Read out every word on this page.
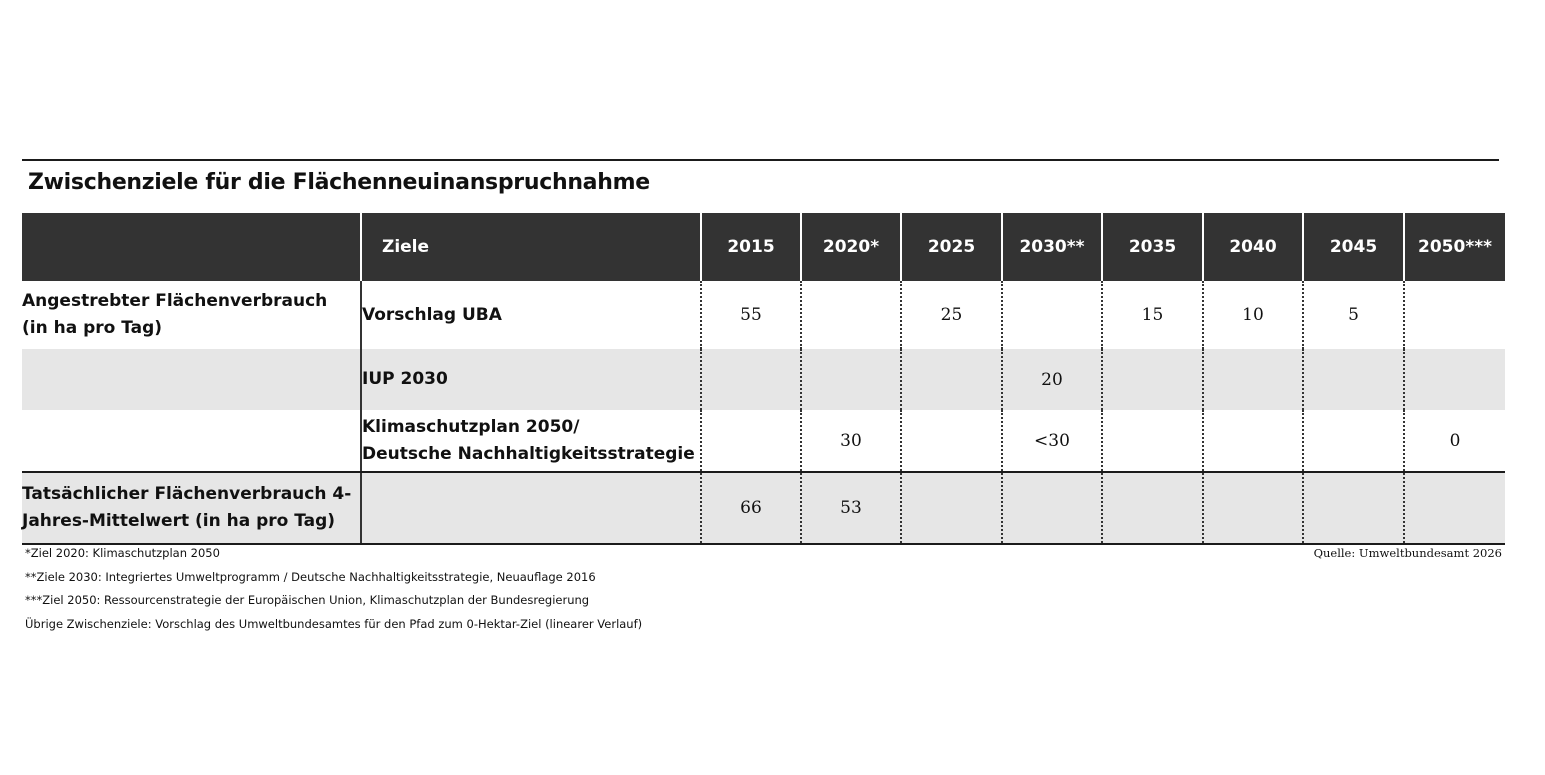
Zwischenziele für die Flächenneuinanspruchnahme
	Ziele	2015	2020*	2025	2030**	2035	2040	2045	2050***
Angestrebter Flächenverbrauch
(in ha pro Tag)	Vorschlag UBA	55		25		15	10	5	
	IUP 2030				20				
	Klimaschutzplan 2050/
Deutsche Nachhaltigkeitsstrategie		30		<30				0
Tatsächlicher Flächenverbrauch 4-
Jahres-Mittelwert (in ha pro Tag)		66	53						
*Ziel 2020: Klimaschutzplan 2050
**Ziele 2030: Integriertes Umweltprogramm / Deutsche Nachhaltigkeitsstrategie, Neuauflage 2016
***Ziel 2050: Ressourcenstrategie der Europäischen Union, Klimaschutzplan der Bundesregierung
Übrige Zwischenziele: Vorschlag des Umweltbundesamtes für den Pfad zum 0-Hektar-Ziel (linearer Verlauf)
Quelle: Umweltbundesamt 2026
